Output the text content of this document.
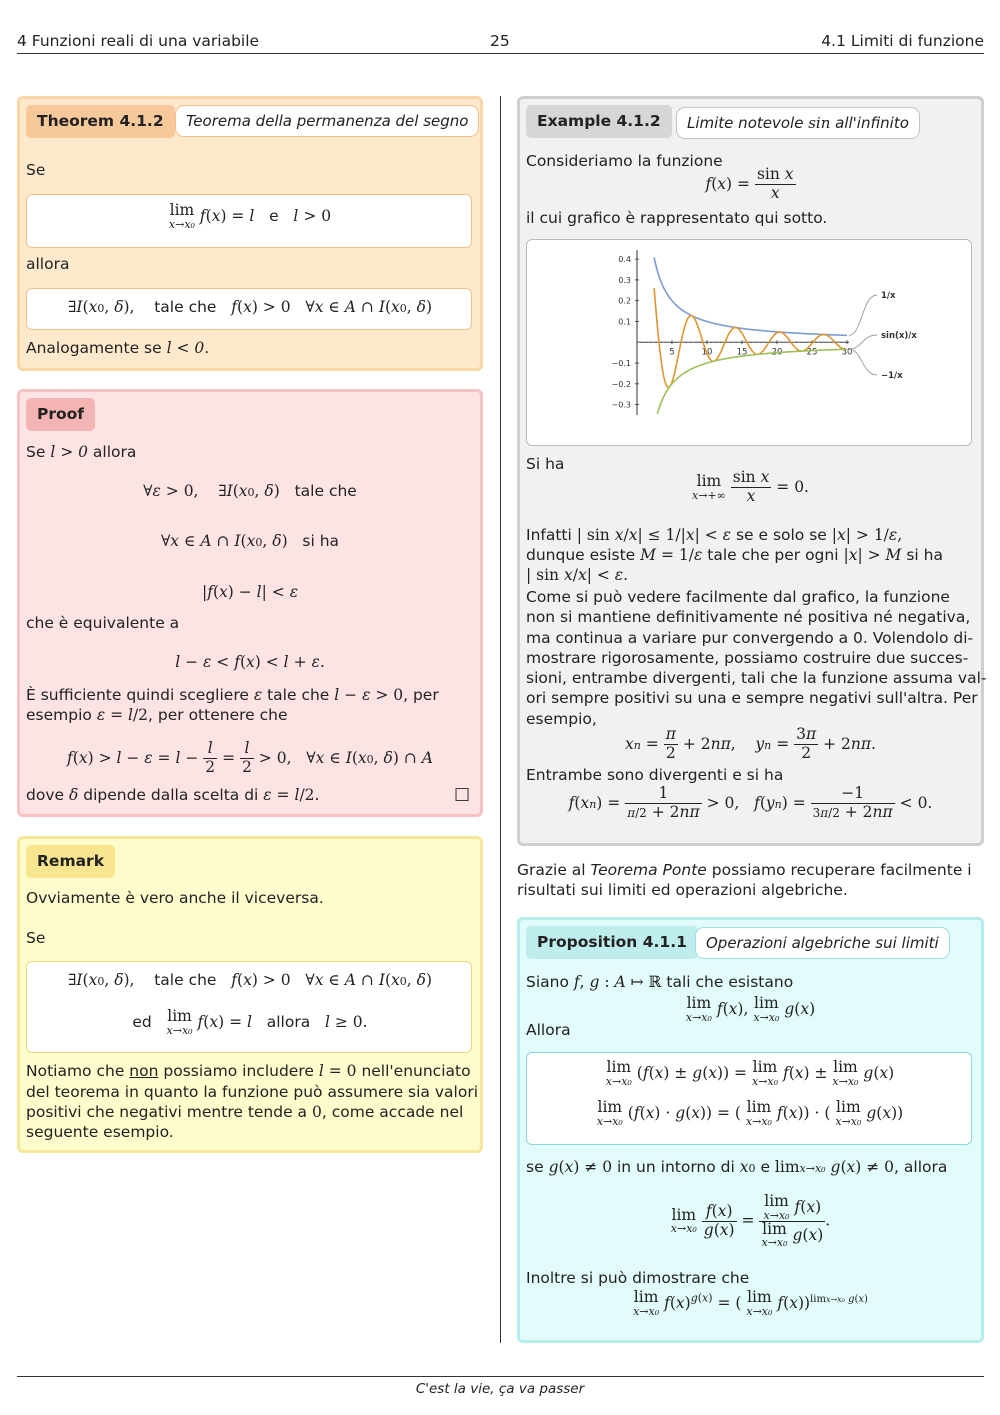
4 Funzioni reali di una variabile	25	4.1 Limiti di funzione
Theorem 4.1.2	Teorema della permanenza del segno
Se
lim
x→x₀ f(x) = l e l > 0
allora
∃I(x0, δ), tale che f(x) > 0   ∀x ∈ A ∩ I(x0, δ)
Analogamente se l < 0.
Proof
Se l > 0 allora
∀ε > 0,    ∃I(x0, δ) tale che
∀x ∈ A ∩ I(x0, δ) si ha
|f(x) − l| < ε
che è equivalente a
l − ε < f(x) < l + ε.
È sufficiente quindi scegliere ε tale che l − ε > 0, per
esempio ε = l/2, per ottenere che
$f(x) > l - \varepsilon = l - \frac{l}{2} = \frac{l}{2} > 0$,   ∀x ∈ I(x0, δ) ∩ A
dove δ dipende dalla scelta di ε = l/2.	□
Remark
Ovviamente è vero anche il viceversa.
Se
∃I(x0, δ), tale che f(x) > 0   ∀x ∈ A ∩ I(x0, δ)
ed lim
x→x₀ f(x) = l allora l ≥ 0.
Notiamo che non possiamo includere l = 0 nell'enunciato
del teorema in quanto la funzione può assumere sia valori
positivi che negativi mentre tende a 0, come accade nel
seguente esempio.
Example 4.1.2	Limite notevole sin all'infinito
Consideriamo la funzione
$f(x) = \frac{\text{sin x}}{x}$
il cui grafico è rappresentato qui sotto.
5	10	15	20	25	30
0.4
0.3
0.2
0.1
−0.1
−0.2
−0.3
1/x
sin(x)/x
−1/x
Si ha
lim
x→+∞
$\frac{\text{sin x}}{x} = 0$.
Infatti | sin x/x| ≤ 1/|x| < ε se e solo se |x| > 1/ε,
dunque esiste M = 1/ε tale che per ogni |x| > M si ha
| sin x/x| < ε.
Come si può vedere facilmente dal grafico, la funzione
non si mantiene definitivamente né positiva né negativa,
ma continua a variare pur convergendo a 0. Volendolo di-
mostrare rigorosamente, possiamo costruire due succes-
sioni, entrambe divergenti, tali che la funzione assuma val-
ori sempre positivi su una e sempre negativi sull'altra. Per
esempio,
xn = $\frac{\pi}{2} + 2n\pi$,    yn = $\frac{3\pi}{2} + 2n\pi$.
Entrambe sono divergenti e si ha
$f(xn) = \frac{1}{\pi/2 + 2n\pi} > 0$,   $f(yn) = \frac{-1}{3\pi/2 + 2n\pi} < 0$.
Grazie al Teorema Ponte possiamo recuperare facilmente i
risultati sui limiti ed operazioni algebriche.
Proposition 4.1.1	Operazioni algebriche sui limiti
Siano f, g : A ↦ ℝ tali che esistano
lim
x→x₀ f(x), lim
x→x₀ g(x)
Allora
lim
x→x₀ (f(x) ± g(x)) = lim
x→x₀ f(x) ± lim
x→x₀ g(x)
lim
x→x₀ (f(x) · g(x)) = ( lim
x→x₀ f(x)) · ( lim
x→x₀ g(x))
se g(x) ≠ 0 in un intorno di x0 e limx→x₀ g(x) ≠ 0, allora
lim
x→x₀
$\frac{f(x)}{g(x)} = \lim$
x→x₀ f(x)
lim
x→x₀ g(x) .
Inoltre si può dimostrare che
lim
x→x₀ $f(x)^{g(x)}$ = ( lim
x→x₀ f(x))$^{limx\to x_0 g(x)}$
C'est la vie, ça va passer
